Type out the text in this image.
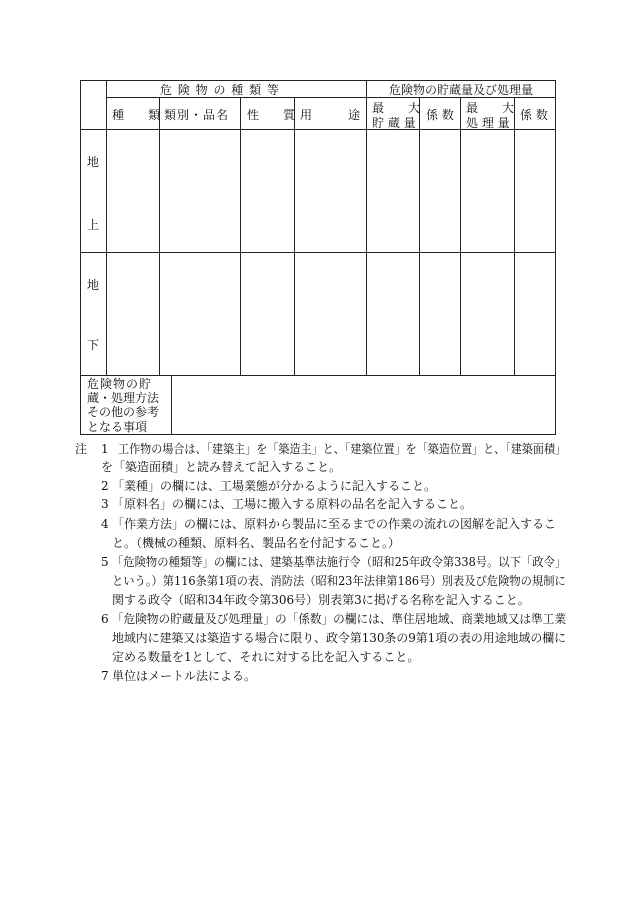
危 険 物 の 種 類 等	危険物の貯蔵量及び処理量
種　　類 類別・品名 性　　質 用　　　途 最　　大
貯 蔵 量
係 数 最　　大
処 理 量
係 数
地
上
地
下
危険物の貯
蔵・処理方法
その他の参考
となる事項
注 1 工作物の場合は、「建築主」を「築造主」と、「建築位置」を「築造位置」と、「建築面積」
を「築造面積」と読み替えて記入すること。
2 「業種」の欄には、工場業態が分かるように記入すること。
3 「原料名」の欄には、工場に搬入する原料の品名を記入すること。
4 「作業方法」の欄には、原料から製品に至るまでの作業の流れの図解を記入するこ
と。（機械の種類、原料名、製品名を付記すること。）
5 「危険物の種類等」の欄には、建築基準法施行令（昭和25年政令第338号。以下「政令」
という。）第116条第1項の表、消防法（昭和23年法律第186号）別表及び危険物の規制に
関する政令（昭和34年政令第306号）別表第3に掲げる名称を記入すること。
6 「危険物の貯蔵量及び処理量」の「係数」の欄には、準住居地域、商業地域又は準工業
地域内に建築又は築造する場合に限り、政令第130条の9第1項の表の用途地域の欄に
定める数量を1として、それに対する比を記入すること。
7 単位はメートル法による。
